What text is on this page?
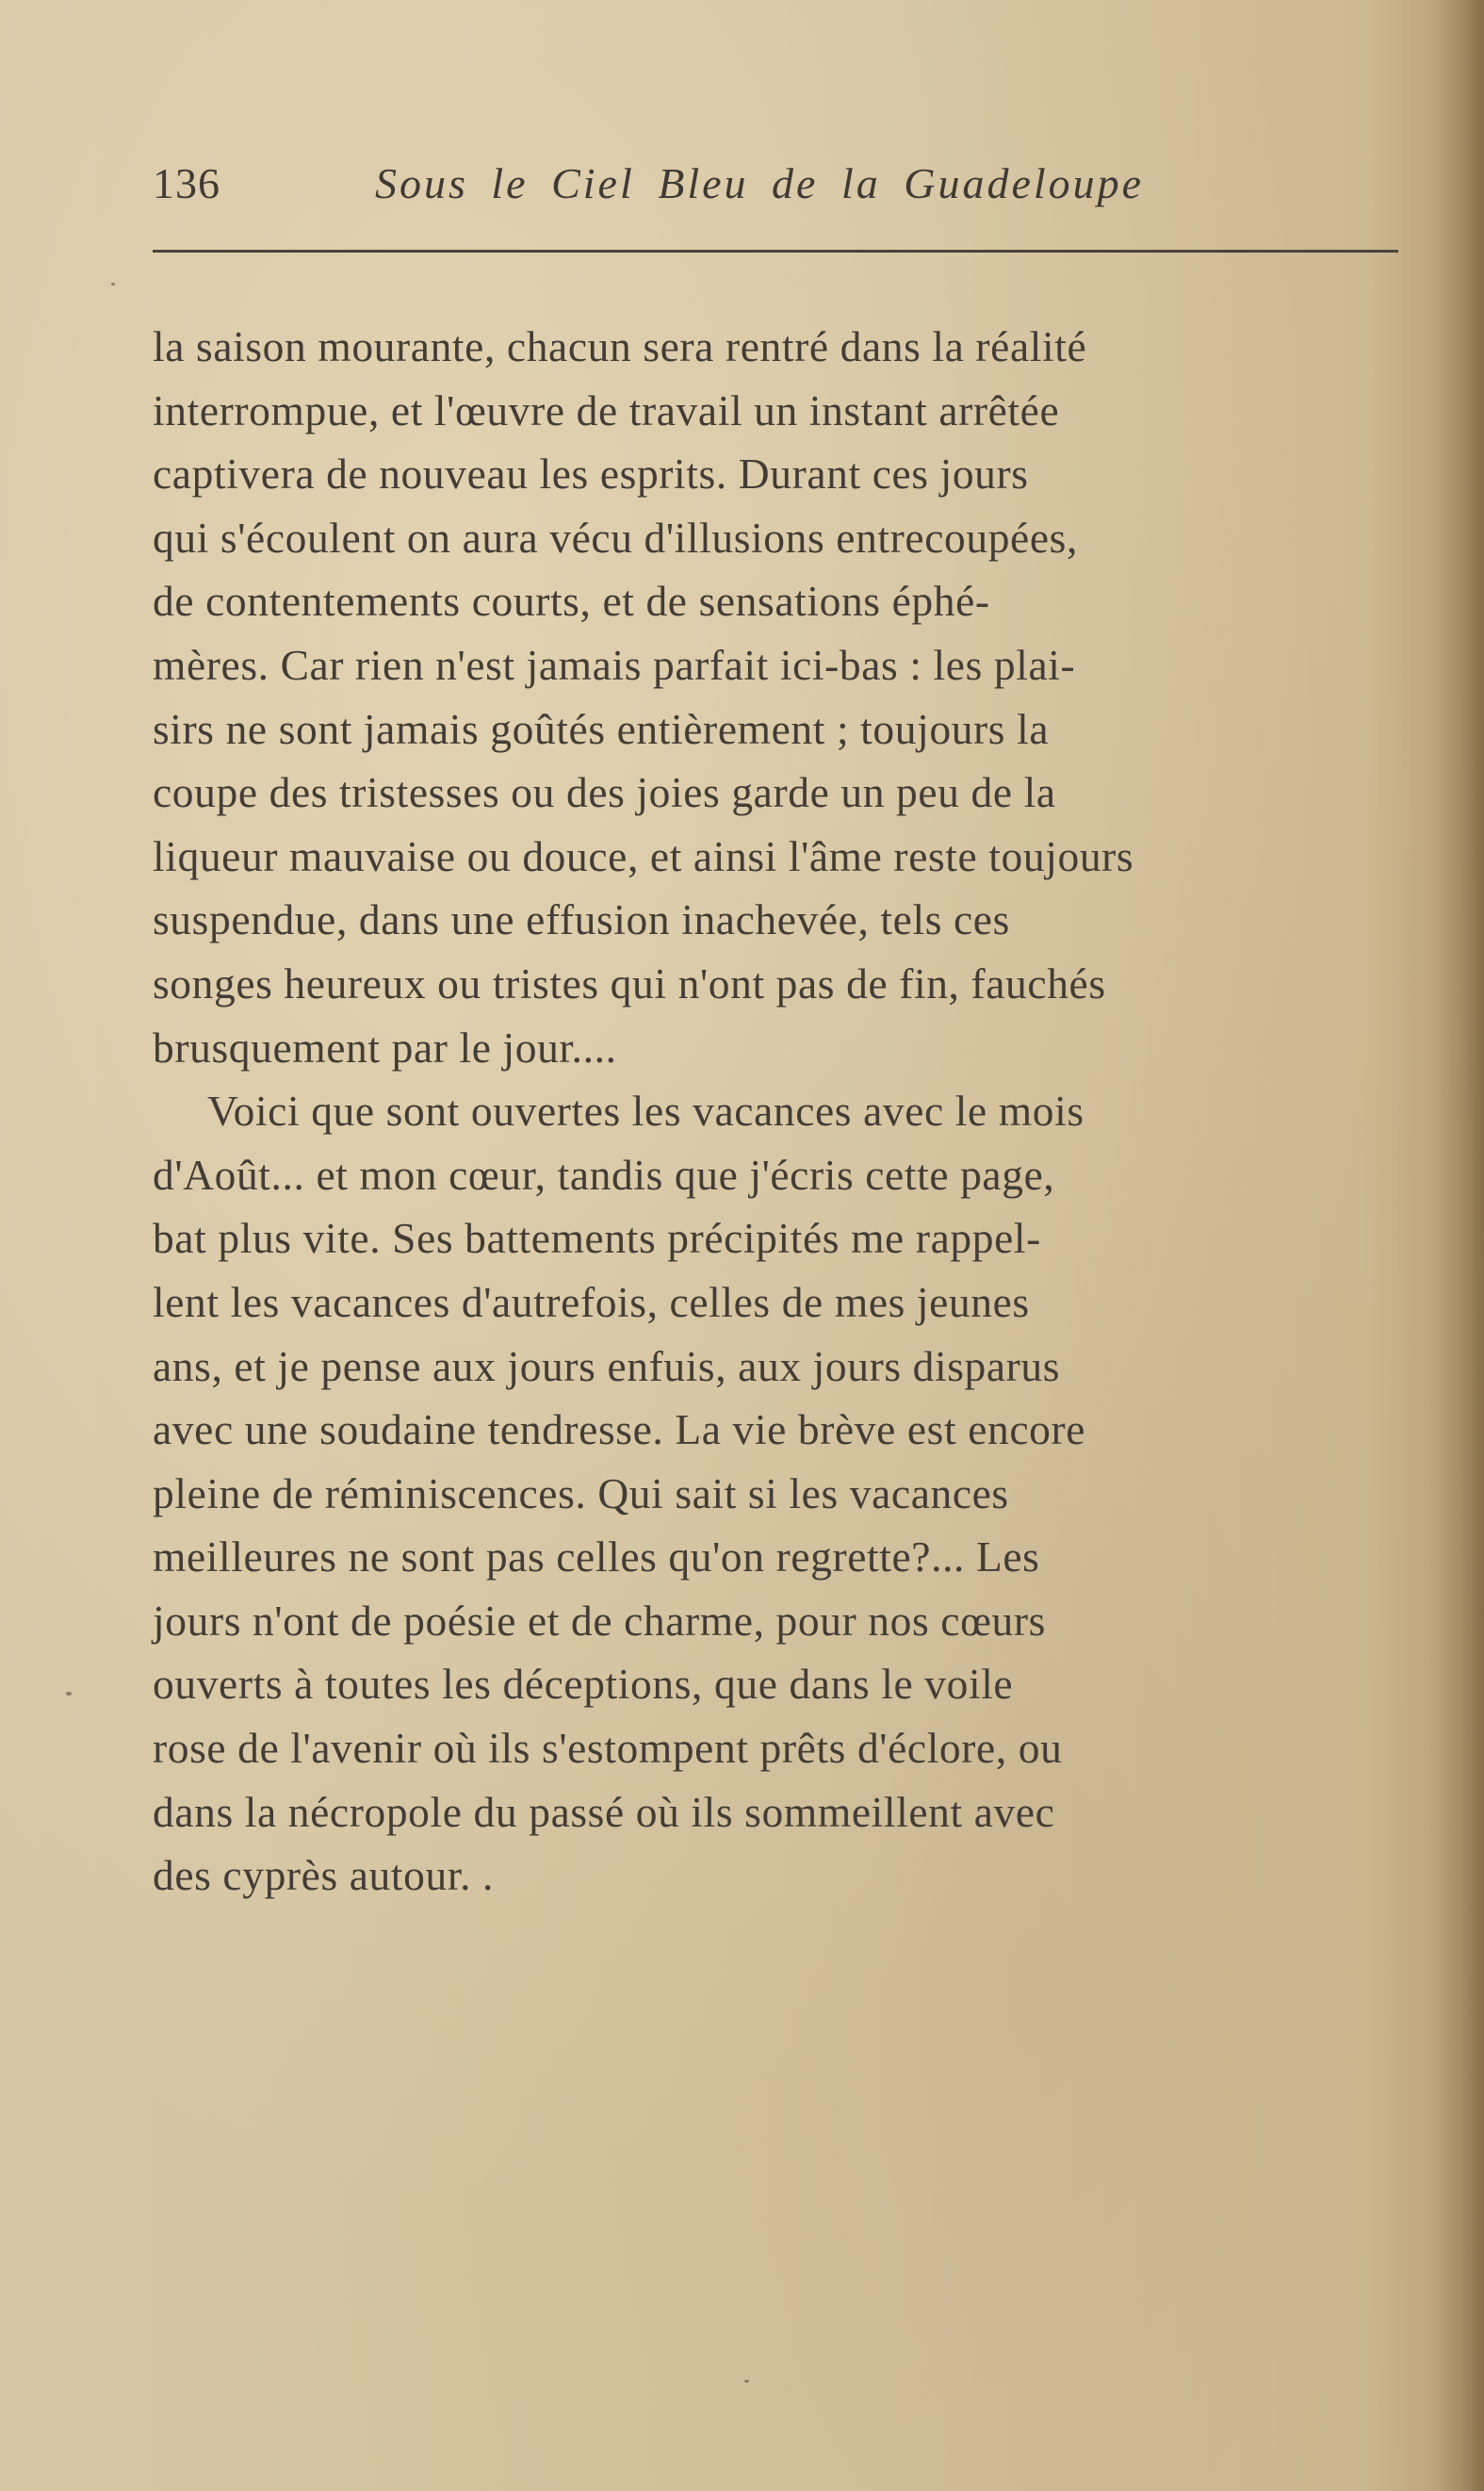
136	Sous le Ciel Bleu de la Guadeloupe
la saison mourante, chacun sera rentré dans la réalité
interrompue, et l'œuvre de travail un instant arrêtée
captivera de nouveau les esprits. Durant ces jours
qui s'écoulent on aura vécu d'illusions entrecoupées,
de contentements courts, et de sensations éphé-
mères. Car rien n'est jamais parfait ici-bas : les plai-
sirs ne sont jamais goûtés entièrement ; toujours la
coupe des tristesses ou des joies garde un peu de la
liqueur mauvaise ou douce, et ainsi l'âme reste toujours
suspendue, dans une effusion inachevée, tels ces
songes heureux ou tristes qui n'ont pas de fin, fauchés
brusquement par le jour....
Voici que sont ouvertes les vacances avec le mois
d'Août... et mon cœur, tandis que j'écris cette page,
bat plus vite. Ses battements précipités me rappel-
lent les vacances d'autrefois, celles de mes jeunes
ans, et je pense aux jours enfuis, aux jours disparus
avec une soudaine tendresse. La vie brève est encore
pleine de réminiscences. Qui sait si les vacances
meilleures ne sont pas celles qu'on regrette?... Les
jours n'ont de poésie et de charme, pour nos cœurs
ouverts à toutes les déceptions, que dans le voile
rose de l'avenir où ils s'estompent prêts d'éclore, ou
dans la nécropole du passé où ils sommeillent avec
des cyprès autour. .
